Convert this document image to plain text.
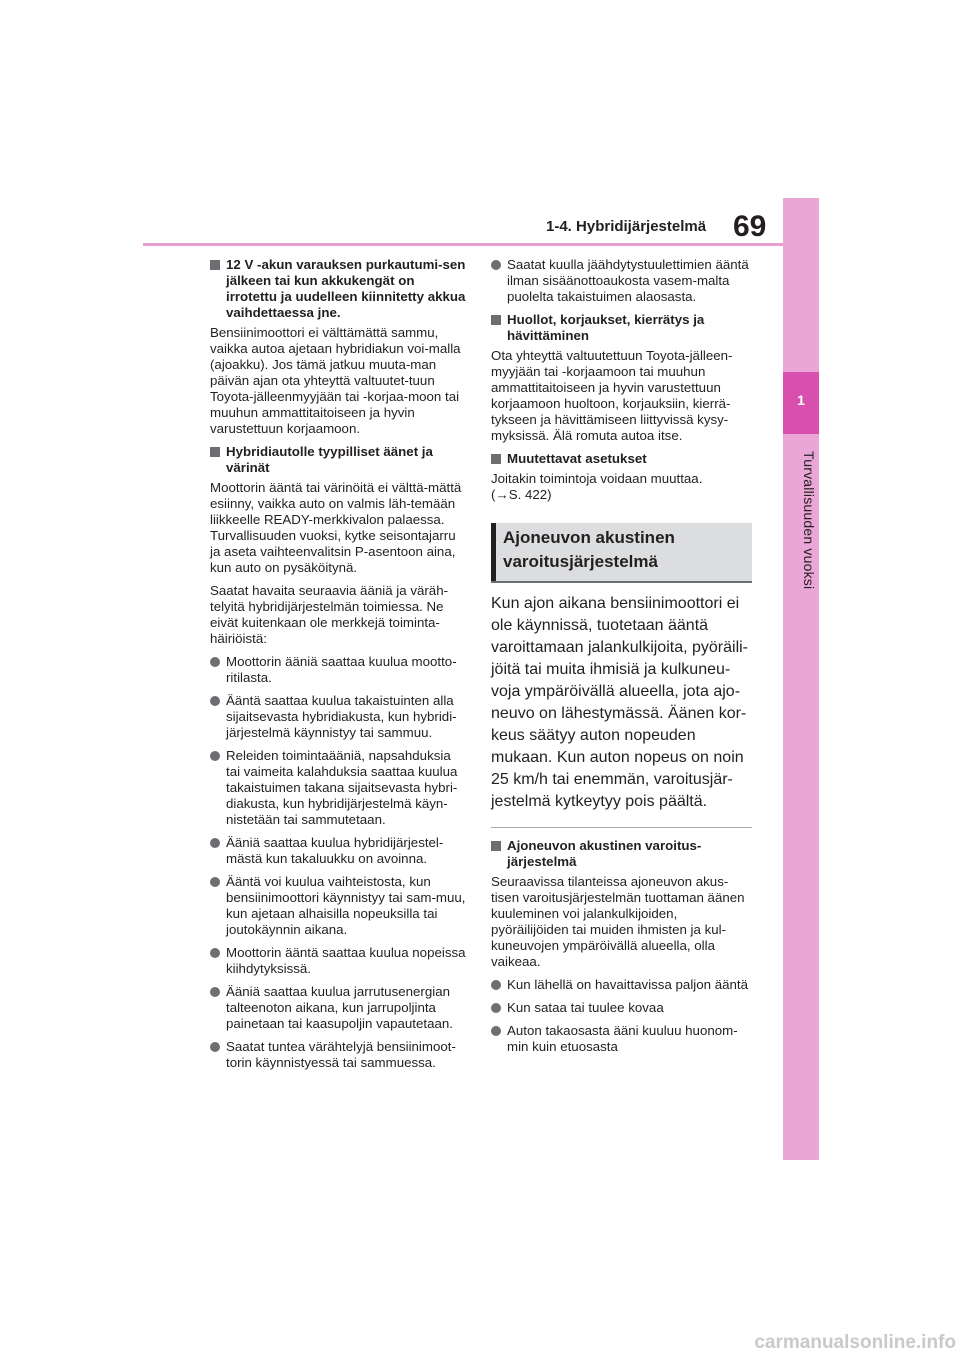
1-4. Hybridijärjestelmä 69
1
Turvallisuuden vuoksi
12 V -akun varauksen purkautumi-sen jälkeen tai kun akkukengät on irrotettu ja uudelleen kiinnitetty akkua vaihdettaessa jne.

Bensiinimoottori ei välttämättä sammu, vaikka autoa ajetaan hybridiakun voi-malla (ajoakku). Jos tämä jatkuu muuta-man päivän ajan ota yhteyttä valtuutet-tuun Toyota-jälleenmyyjään tai -korjaa-moon tai muuhun ammattitaitoiseen ja hyvin varustettuun korjaamoon.

Hybridiautolle tyypilliset äänet ja värinät

Moottorin ääntä tai värinöitä ei välttä-mättä esiinny, vaikka auto on valmis läh-temään liikkeelle READY-merkkivalon palaessa. Turvallisuuden vuoksi, kytke seisontajarru ja aseta vaihteenvalitsin P-asentoon aina, kun auto on pysäköitynä.

Saatat havaita seuraavia ääniä ja väräh-telyitä hybridijärjestelmän toimiessa. Ne eivät kuitenkaan ole merkkejä toiminta-häiriöistä:

Moottorin ääniä saattaa kuulua mootto-ritilasta.
Ääntä saattaa kuulua takaistuinten alla sijaitsevasta hybridiakusta, kun hybridi-järjestelmä käynnistyy tai sammuu.
Releiden toimintaääniä, napsahduksia tai vaimeita kalahduksia saattaa kuulua takaistuimen takana sijaitsevasta hybri-diakusta, kun hybridijärjestelmä käyn-nistetään tai sammutetaan.
Ääniä saattaa kuulua hybridijärjestel-mästä kun takaluukku on avoinna.
Ääntä voi kuulua vaihteistosta, kun bensiinimoottori käynnistyy tai sam-muu, kun ajetaan alhaisilla nopeuksilla tai joutokäynnin aikana.
Moottorin ääntä saattaa kuulua nopeissa kiihdytyksissä.
Ääniä saattaa kuulua jarrutusenergian talteenoton aikana, kun jarrupoljinta painetaan tai kaasupoljin vapautetaan.
Saatat tuntea värähtelyjä bensiinimoot-torin käynnistyessä tai sammuessa.
Saatat kuulla jäähdytystuulettimien ääntä ilman sisäänottoaukosta vasem-malta puolelta takaistuimen alaosasta.
Huollot, korjaukset, kierrätys ja hävittäminen

Ota yhteyttä valtuutettuun Toyota-jälleen-myyjään tai -korjaamoon tai muuhun ammattitaitoiseen ja hyvin varustettuun korjaamoon huoltoon, korjauksiin, kierrä-tykseen ja hävittämiseen liittyvissä kysy-myksissä. Älä romuta autoa itse.

Muutettavat asetukset

Joitakin toimintoja voidaan muuttaa.
(→S. 422)

Ajoneuvon akustinen
varoitusjärjestelmä

Kun ajon aikana bensiinimoottori ei ole käynnissä, tuotetaan ääntä varoittamaan jalankulkijoita, pyöräili-jöitä tai muita ihmisiä ja kulkuneu-voja ympäröivällä alueella, jota ajo-neuvo on lähestymässä. Äänen kor-keus säätyy auton nopeuden mukaan. Kun auton nopeus on noin 25 km/h tai enemmän, varoitusjär-jestelmä kytkeytyy pois päältä.

Ajoneuvon akustinen varoitus-järjestelmä

Seuraavissa tilanteissa ajoneuvon akus-tisen varoitusjärjestelmän tuottaman äänen kuuleminen voi jalankulkijoiden, pyöräilijöiden tai muiden ihmisten ja kul-kuneuvojen ympäröivällä alueella, olla vaikeaa.

Kun lähellä on havaittavissa paljon ääntä
Kun sataa tai tuulee kovaa
Auton takaosasta ääni kuuluu huonom-min kuin etuosasta
carmanualsonline.info
